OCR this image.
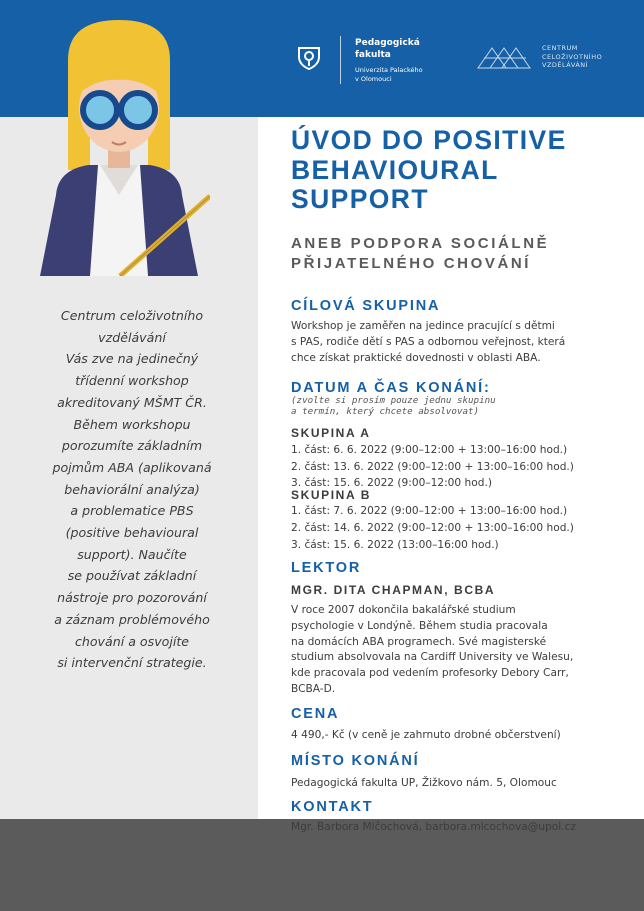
Pedagogická
fakulta
Univerzita Palackého
v Olomouci
CENTRUM
CELOŽIVOTNÍHO
VZDĚLÁVÁNÍ
Centrum celoživotního
vzdělávání
Vás zve na jedinečný
třídenní workshop
akreditovaný MŠMT ČR.
Během workshopu
porozumíte základním
pojmům ABA (aplikovaná
behaviorální analýza)
a problematice PBS
(positive behavioural
support). Naučíte
se používat základní
nástroje pro pozorování
a záznam problémového
chování a osvojíte
si intervenční strategie.
ÚVOD DO POSITIVE
BEHAVIOURAL
SUPPORT
ANEB PODPORA SOCIÁLNĚ
PŘIJATELNÉHO CHOVÁNÍ
CÍLOVÁ SKUPINA
Workshop je zaměřen na jedince pracující s dětmi
s PAS, rodiče dětí s PAS a odbornou veřejnost, která
chce získat praktické dovednosti v oblasti ABA.
DATUM A ČAS KONÁNÍ:
(zvolte si prosím pouze jednu skupinu
a termín, který chcete absolvovat)
SKUPINA A
1. část: 6. 6. 2022 (9:00–12:00 + 13:00–16:00 hod.)
2. část: 13. 6. 2022 (9:00–12:00 + 13:00–16:00 hod.)
3. část: 15. 6. 2022 (9:00–12:00 hod.)
SKUPINA B
1. část: 7. 6. 2022 (9:00–12:00 + 13:00–16:00 hod.)
2. část: 14. 6. 2022 (9:00–12:00 + 13:00–16:00 hod.)
3. část: 15. 6. 2022 (13:00–16:00 hod.)
LEKTOR
MGR. DITA CHAPMAN, BCBA
V roce 2007 dokončila bakalářské studium
psychologie v Londýně. Během studia pracovala
na domácích ABA programech. Své magisterské
studium absolvovala na Cardiff University ve Walesu,
kde pracovala pod vedením profesorky Debory Carr,
BCBA-D.
CENA
4 490,- Kč (v ceně je zahrnuto drobné občerstvení)
MÍSTO KONÁNÍ
Pedagogická fakulta UP, Žižkovo nám. 5, Olomouc
KONTAKT
Mgr. Barbora Mlčochová, barbora.mlcochova@upol.cz
